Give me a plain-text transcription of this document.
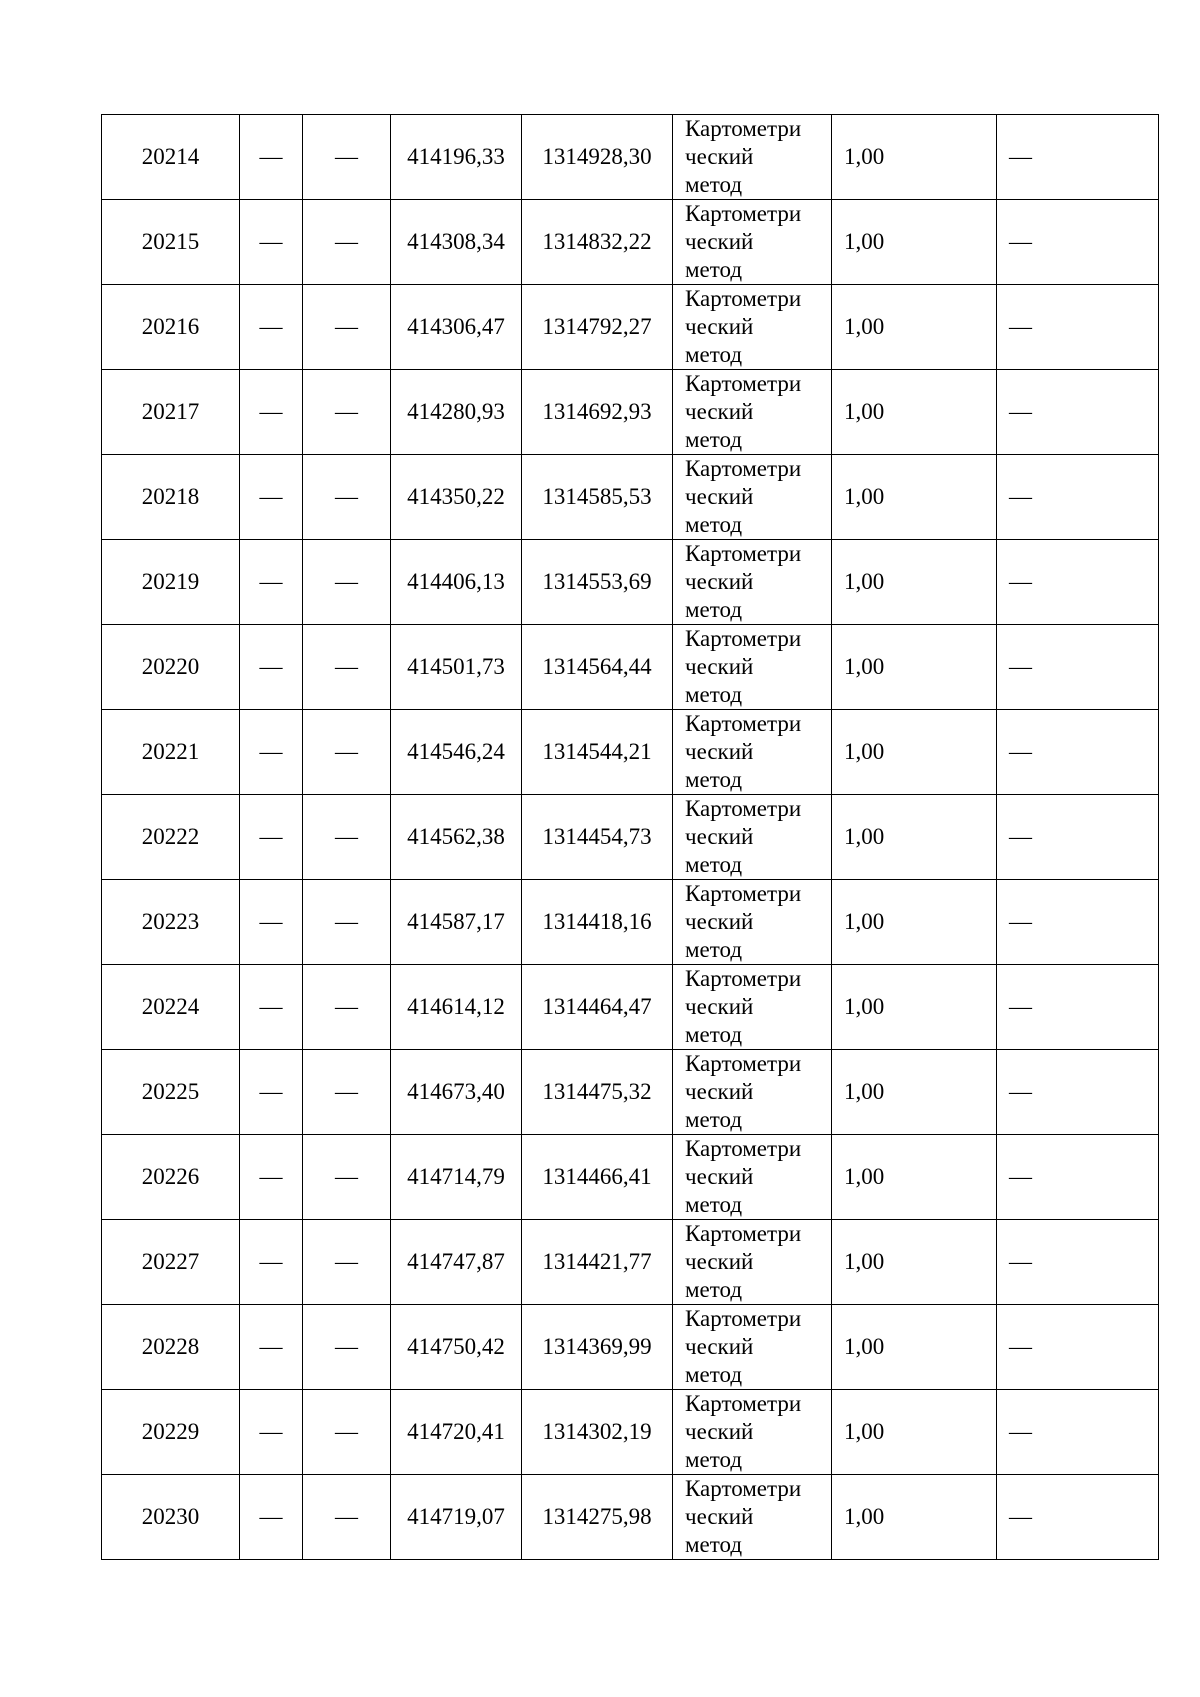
20214	—	—	414196,33	1314928,30	Картометри
ческий
метод	1,00	—
20215	—	—	414308,34	1314832,22	Картометри
ческий
метод	1,00	—
20216	—	—	414306,47	1314792,27	Картометри
ческий
метод	1,00	—
20217	—	—	414280,93	1314692,93	Картометри
ческий
метод	1,00	—
20218	—	—	414350,22	1314585,53	Картометри
ческий
метод	1,00	—
20219	—	—	414406,13	1314553,69	Картометри
ческий
метод	1,00	—
20220	—	—	414501,73	1314564,44	Картометри
ческий
метод	1,00	—
20221	—	—	414546,24	1314544,21	Картометри
ческий
метод	1,00	—
20222	—	—	414562,38	1314454,73	Картометри
ческий
метод	1,00	—
20223	—	—	414587,17	1314418,16	Картометри
ческий
метод	1,00	—
20224	—	—	414614,12	1314464,47	Картометри
ческий
метод	1,00	—
20225	—	—	414673,40	1314475,32	Картометри
ческий
метод	1,00	—
20226	—	—	414714,79	1314466,41	Картометри
ческий
метод	1,00	—
20227	—	—	414747,87	1314421,77	Картометри
ческий
метод	1,00	—
20228	—	—	414750,42	1314369,99	Картометри
ческий
метод	1,00	—
20229	—	—	414720,41	1314302,19	Картометри
ческий
метод	1,00	—
20230	—	—	414719,07	1314275,98	Картометри
ческий
метод	1,00	—
